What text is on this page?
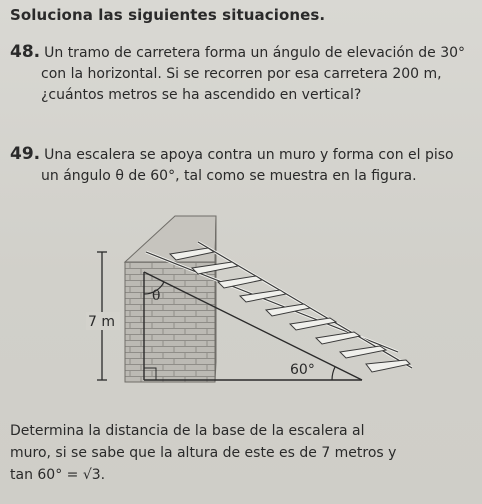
Soluciona las siguientes situaciones.
48. Un tramo de carretera forma un ángulo de elevación de 30°
con la horizontal. Si se recorren por esa carretera 200 m,
¿cuántos metros se ha ascendido en vertical?
49. Una escalera se apoya contra un muro y forma con el piso
un ángulo θ de 60°, tal como se muestra en la figura.
7 m
θ
60°
Determina la distancia de la base de la escalera al
muro, si se sabe que la altura de este es de 7 metros y
tan 60° = √3.
